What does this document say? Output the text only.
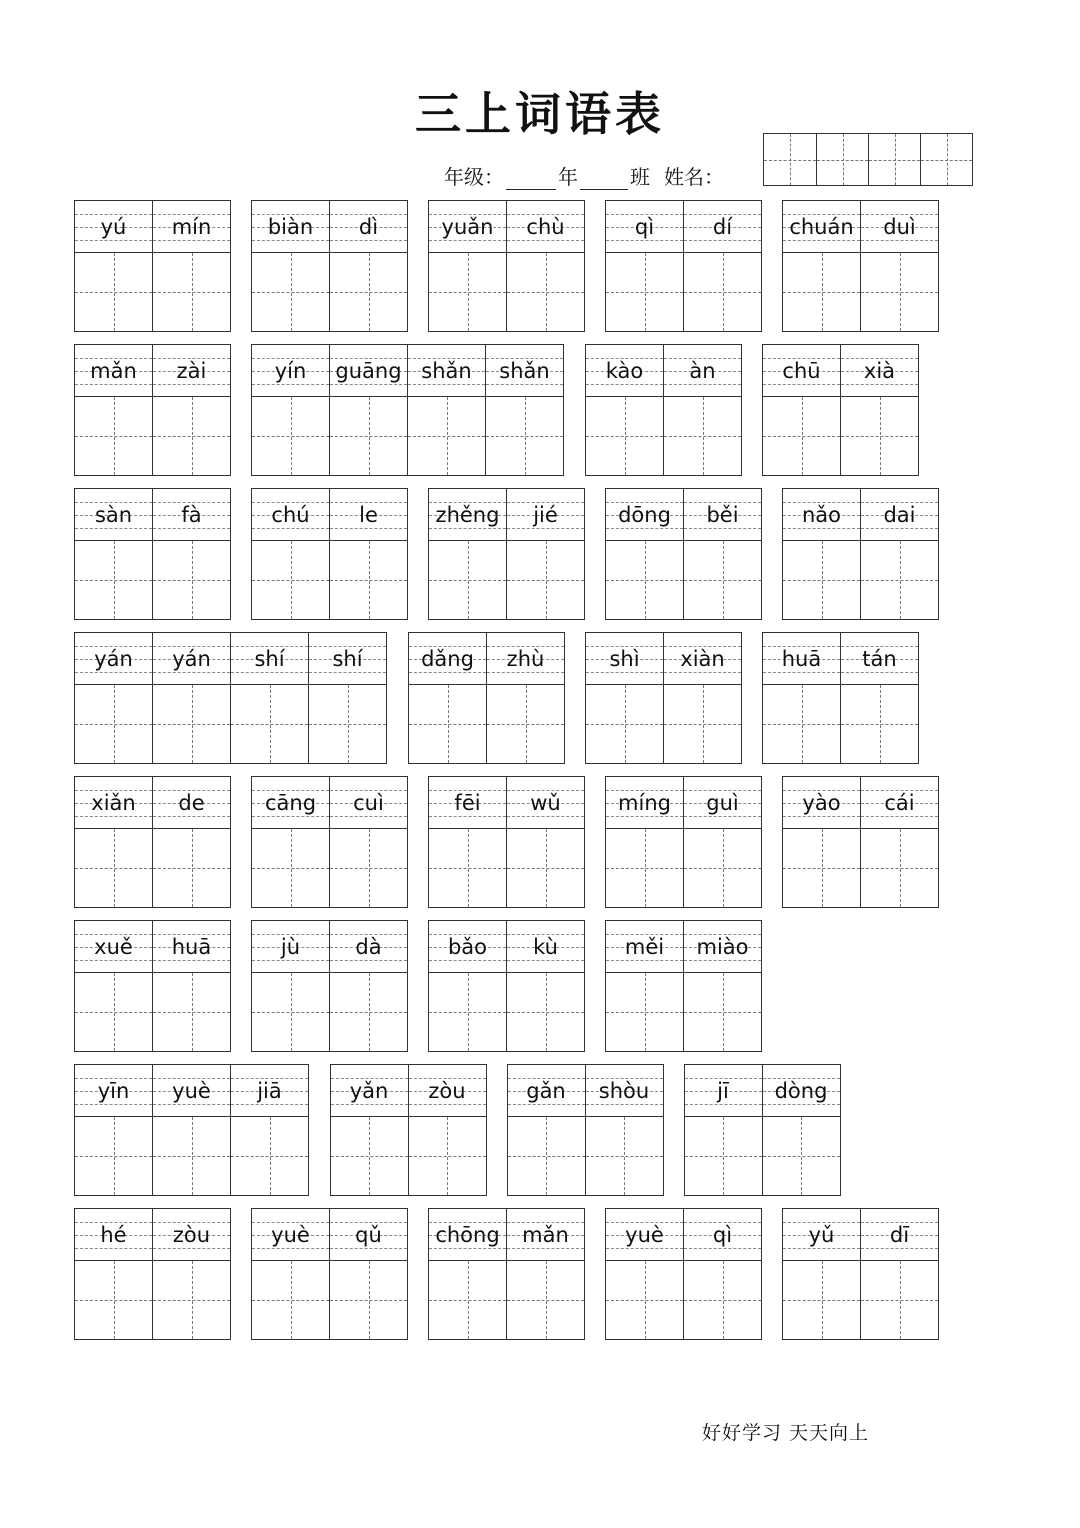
三上词语表
年级：	年	班 姓名：
yú mín	biàn dì	yuǎn chù	qì	dí	chuán duì
mǎn zài	yín guāng shǎn shǎn	kào àn	chū xià
sàn fà	chú le	zhěng jié	dōng běi	nǎo dai
yán yán shí shí	dǎng zhù	shì xiàn	huā tán
xiǎn de	cāng cuì	fēi wǔ	míng guì	yào cái
xuě huā	jù	dà	bǎo kù	měi miào
yīn yuè jiā	yǎn zòu	gǎn shòu	jī dòng
hé zòu	yuè qǔ	chōng mǎn	yuè qì	yǔ	dī
好好学习 天天向上
